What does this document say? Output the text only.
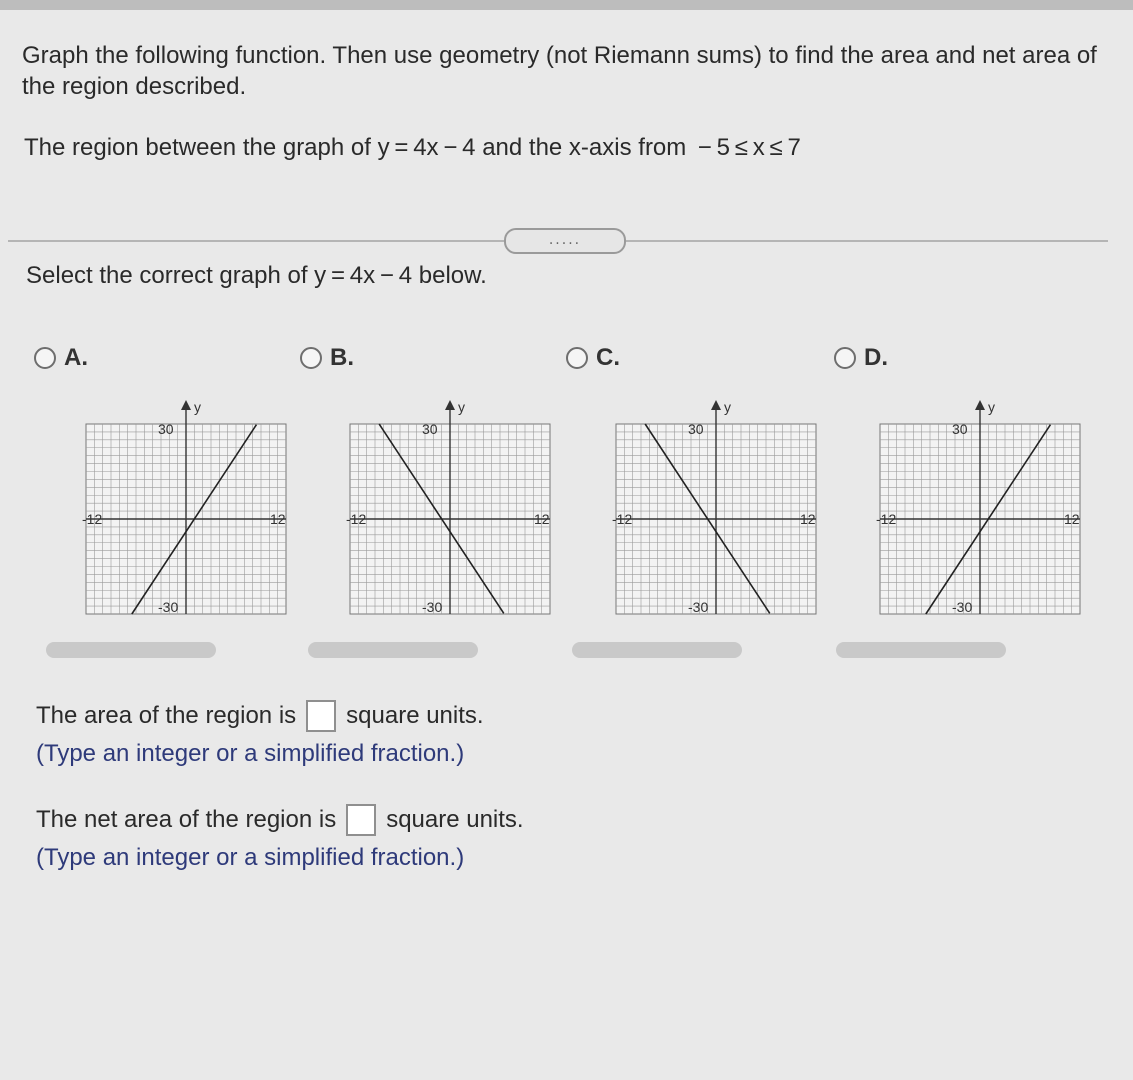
Graph the following function. Then use geometry (not Riemann sums) to find the area and net area of the region described.
The region between the graph of y = 4x − 4 and the x-axis from  − 5 ≤ x ≤ 7
.....
Select the correct graph of y = 4x − 4 below.
A.	B.	C.	D.
y
30
-30
-12	12
y
30
-30
-12	12
y
30
-30
-12	12
y
30
-30
-12	12
The area of the region is square units.
(Type an integer or a simplified fraction.)
The net area of the region is square units.
(Type an integer or a simplified fraction.)
